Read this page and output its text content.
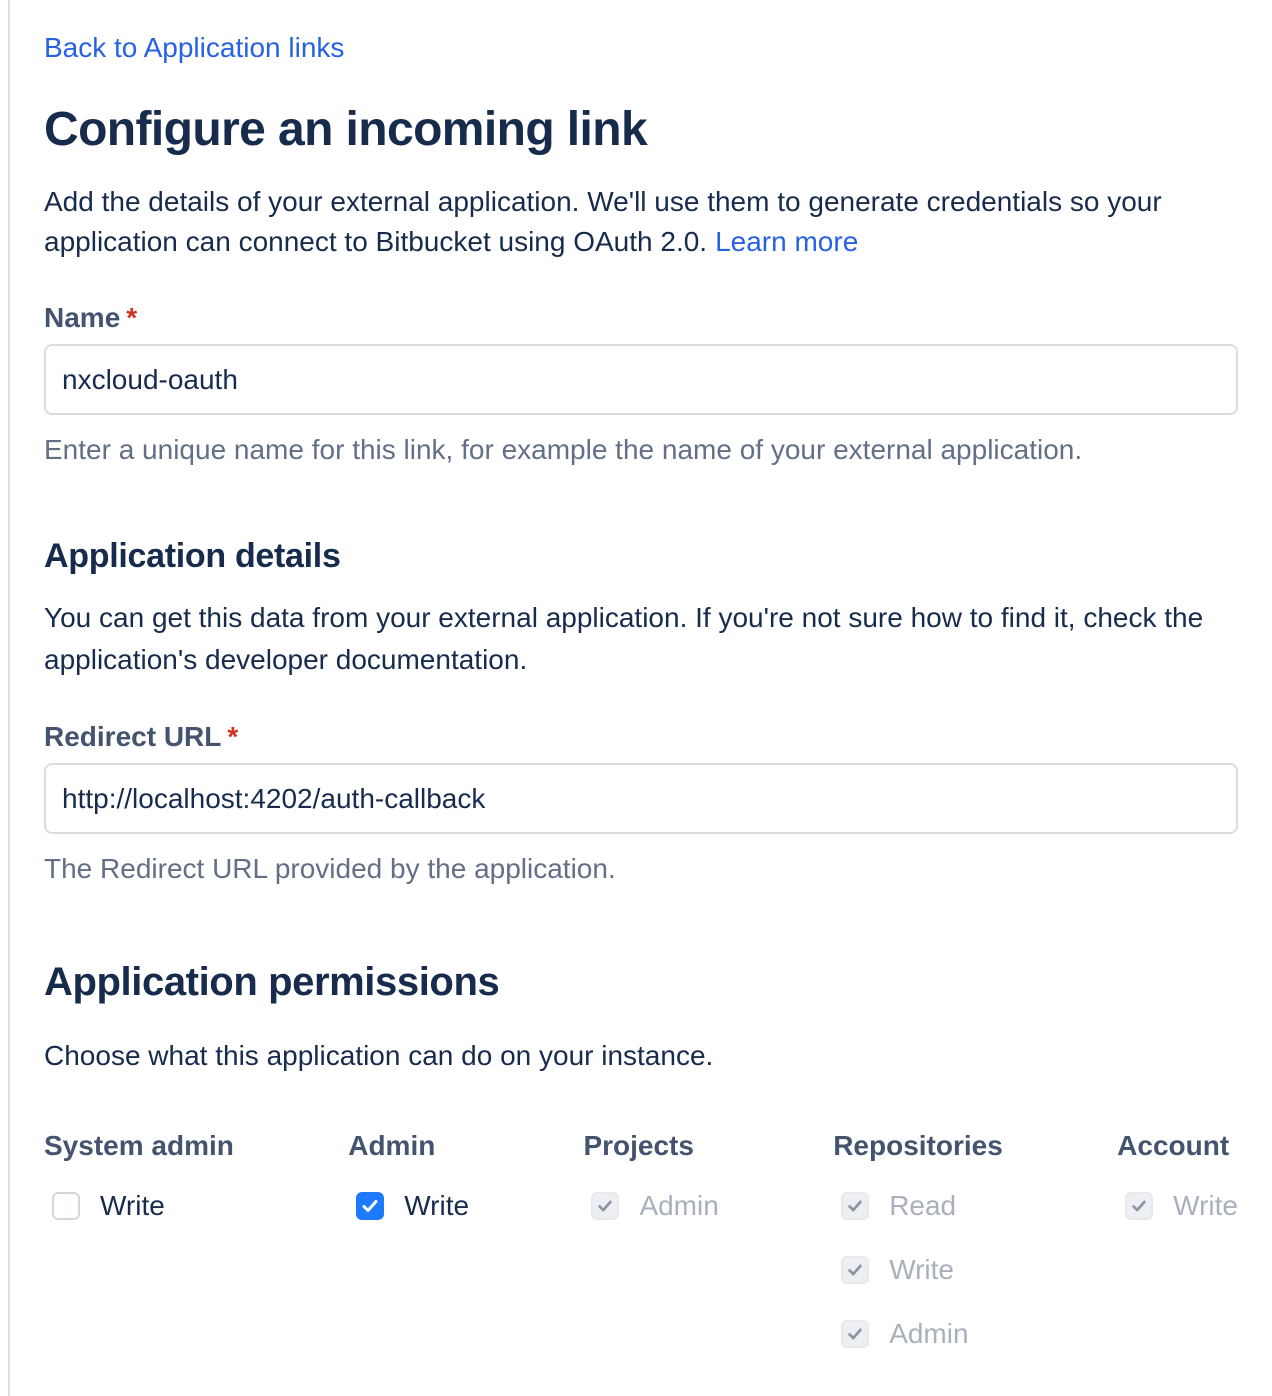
Back to Application links
Configure an incoming link

Add the details of your external application. We'll use them to generate credentials so your application can connect to Bitbucket using OAuth 2.0. Learn more

Name *
nxcloud-oauth
Enter a unique name for this link, for example the name of your external application.
Application details

You can get this data from your external application. If you're not sure how to find it, check the application's developer documentation.

Redirect URL *
http://localhost:4202/auth-callback
The Redirect URL provided by the application.
Application permissions

Choose what this application can do on your instance.

System admin
Write
Admin
Write
Projects
Admin
Repositories
Read
Write
Admin
Account
Write
